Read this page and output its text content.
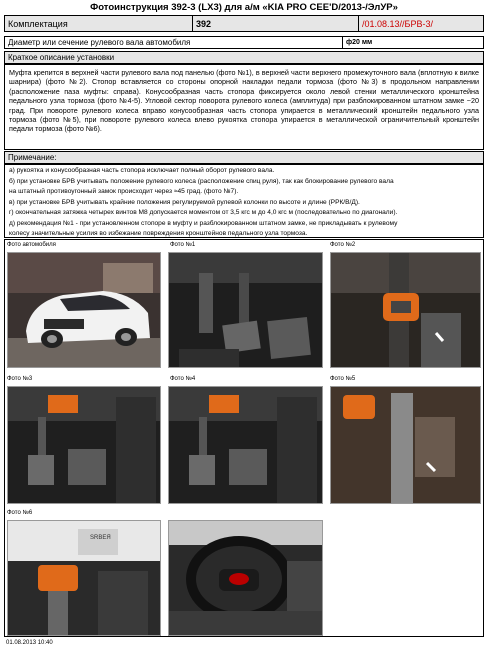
Фотоинструкция 392-3 (LX3) для а/м «KIA PRO CEE'D/2013-/ЭлУР»
Комплектация	392	/01.08.13//БРВ-3/
Диаметр или сечение рулевого вала автомобиля	ф20 мм
Краткое описание установки
Муфта крепится в верхней части рулевого вала под панелью (фото №1), в верхней части верхнего промежуточного вала (вплотную к вилке шарнира) (фото №2). Стопор вставляется со стороны опорной накладки педали тормоза (фото №3) в продольном направлении (расположение паза муфты: справа). Конусообразная часть стопора фиксируется около левой стенки металлического кронштейна педального узла тормоза (фото №4-5). Угловой сектор поворота рулевого колеса (амплитуда) при разблокированном штатном замке ~20 град. При повороте рулевого колеса вправо конусообразная часть стопора упирается в металлический кронштейн педального узла тормоза (фото №5), при повороте рулевого колеса влево рукоятка стопора упирается в металлической ограничительный кронштейн педали тормоза (фото №6).
Примечание:
а) рукоятка и конусообразная часть стопора исключает полный оборот рулевого вала.
б) при установке БРВ учитывать положение рулевого колеса (расположение спиц руля), так как блокирование рулевого вала
на штатный противоугонный замок происходит через ≈45 град. (фото №7).
в) при установке БРВ учитывать крайние положения регулируемой рулевой колонки по высоте и длине (РРК/В/Д).
г) окончательная затяжка четырех винтов М8 допускается моментом от 3,5 кгс м до 4,0 кгс м (последовательно по диагонали).
д) рекомендация №1 - при установленном стопоре в муфту и разблокированном штатном замке, не прикладывать к рулевому
колесу значительные усилия во избежание повреждения кронштейнов педального узла тормоза.
Фото автомобиля	Фото №1	Фото №2
Фото №3	Фото №4	Фото №5
Фото №6
SRBEЯ
01.08.2013 10:40
